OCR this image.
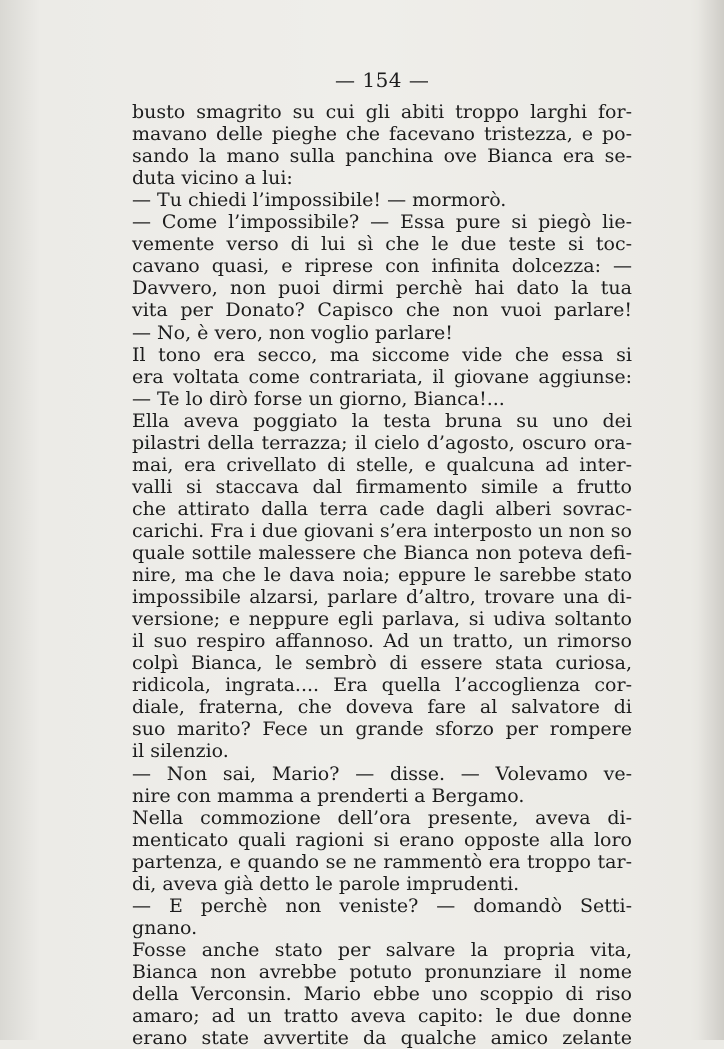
— 154 —
busto smagrito su cui gli abiti troppo larghi for-
mavano delle pieghe che facevano tristezza, e po-
sando la mano sulla panchina ove Bianca era se-
duta vicino a lui:
— Tu chiedi l’impossibile! — mormorò.
— Come l’impossibile? — Essa pure si piegò lie-
vemente verso di lui sì che le due teste si toc-
cavano quasi, e riprese con infinita dolcezza: —
Davvero, non puoi dirmi perchè hai dato la tua
vita per Donato? Capisco che non vuoi parlare!
— No, è vero, non voglio parlare!
Il tono era secco, ma siccome vide che essa si
era voltata come contrariata, il giovane aggiunse:
— Te lo dirò forse un giorno, Bianca!...
Ella aveva poggiato la testa bruna su uno dei
pilastri della terrazza; il cielo d’agosto, oscuro ora-
mai, era crivellato di stelle, e qualcuna ad inter-
valli si staccava dal firmamento simile a frutto
che attirato dalla terra cade dagli alberi sovrac-
carichi. Fra i due giovani s’era interposto un non so
quale sottile malessere che Bianca non poteva defi-
nire, ma che le dava noia; eppure le sarebbe stato
impossibile alzarsi, parlare d’altro, trovare una di-
versione; e neppure egli parlava, si udiva soltanto
il suo respiro affannoso. Ad un tratto, un rimorso
colpì Bianca, le sembrò di essere stata curiosa,
ridicola, ingrata.... Era quella l’accoglienza cor-
diale, fraterna, che doveva fare al salvatore di
suo marito? Fece un grande sforzo per rompere
il silenzio.
— Non sai, Mario? — disse. — Volevamo ve-
nire con mamma a prenderti a Bergamo.
Nella commozione dell’ora presente, aveva di-
menticato quali ragioni si erano opposte alla loro
partenza, e quando se ne rammentò era troppo tar-
di, aveva già detto le parole imprudenti.
— E perchè non veniste? — domandò Setti-
gnano.
Fosse anche stato per salvare la propria vita,
Bianca non avrebbe potuto pronunziare il nome
della Verconsin. Mario ebbe uno scoppio di riso
amaro; ad un tratto aveva capito: le due donne
erano state avvertite da qualche amico zelante
